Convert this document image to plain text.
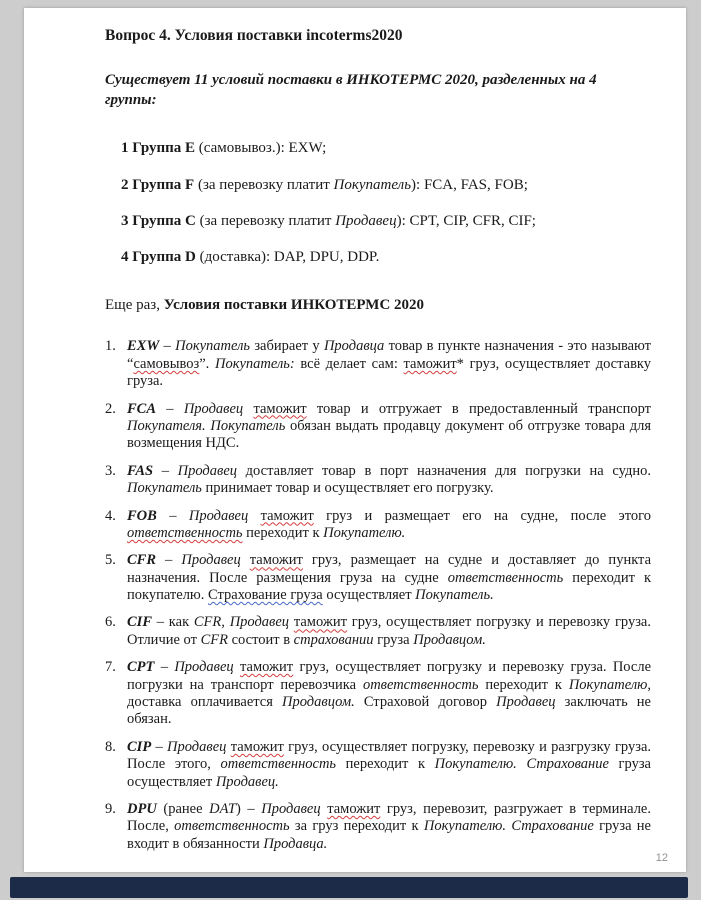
Вопрос 4. Условия поставки incoterms2020

Существует 11 условий поставки в ИНКОТЕРМС 2020, разделенных на 4 группы:

1 Группа E (самовывоз.): EXW;

2 Группа F (за перевозку платит Покупатель): FCA, FAS, FOB;

3 Группа C (за перевозку платит Продавец): CPT, CIP, CFR, CIF;

4 Группа D (доставка): DAP, DPU, DDP.

Еще раз, Условия поставки ИНКОТЕРМС 2020

1. EXW – Покупатель забирает у Продавца товар в пункте назначения - это называют “самовывоз”. Покупатель: всё делает сам: таможит* груз, осуществляет доставку груза.
2. FCA – Продавец таможит товар и отгружает в предоставленный транспорт Покупателя. Покупатель обязан выдать продавцу документ об отгрузке товара для возмещения НДС.
3. FAS – Продавец доставляет товар в порт назначения для погрузки на судно. Покупатель принимает товар и осуществляет его погрузку.
4. FOB – Продавец таможит груз и размещает его на судне, после этого ответственность переходит к Покупателю.
5. CFR – Продавец таможит груз, размещает на судне и доставляет до пункта назначения. После размещения груза на судне ответственность переходит к покупателю. Страхование груза осуществляет Покупатель.
6. CIF – как CFR, Продавец таможит груз, осуществляет погрузку и перевозку груза. Отличие от CFR состоит в страховании груза Продавцом.
7. CPT – Продавец таможит груз, осуществляет погрузку и перевозку груза. После погрузки на транспорт перевозчика ответственность переходит к Покупателю, доставка оплачивается Продавцом. Страховой договор Продавец заключать не обязан.
8. CIP – Продавец таможит груз, осуществляет погрузку, перевозку и разгрузку груза. После этого, ответственность переходит к Покупателю. Страхование груза осуществляет Продавец.
9. DPU (ранее DAT) – Продавец таможит груз, перевозит, разгружает в терминале. После, ответственность за груз переходит к Покупателю. Страхование груза не входит в обязанности Продавца.
12
